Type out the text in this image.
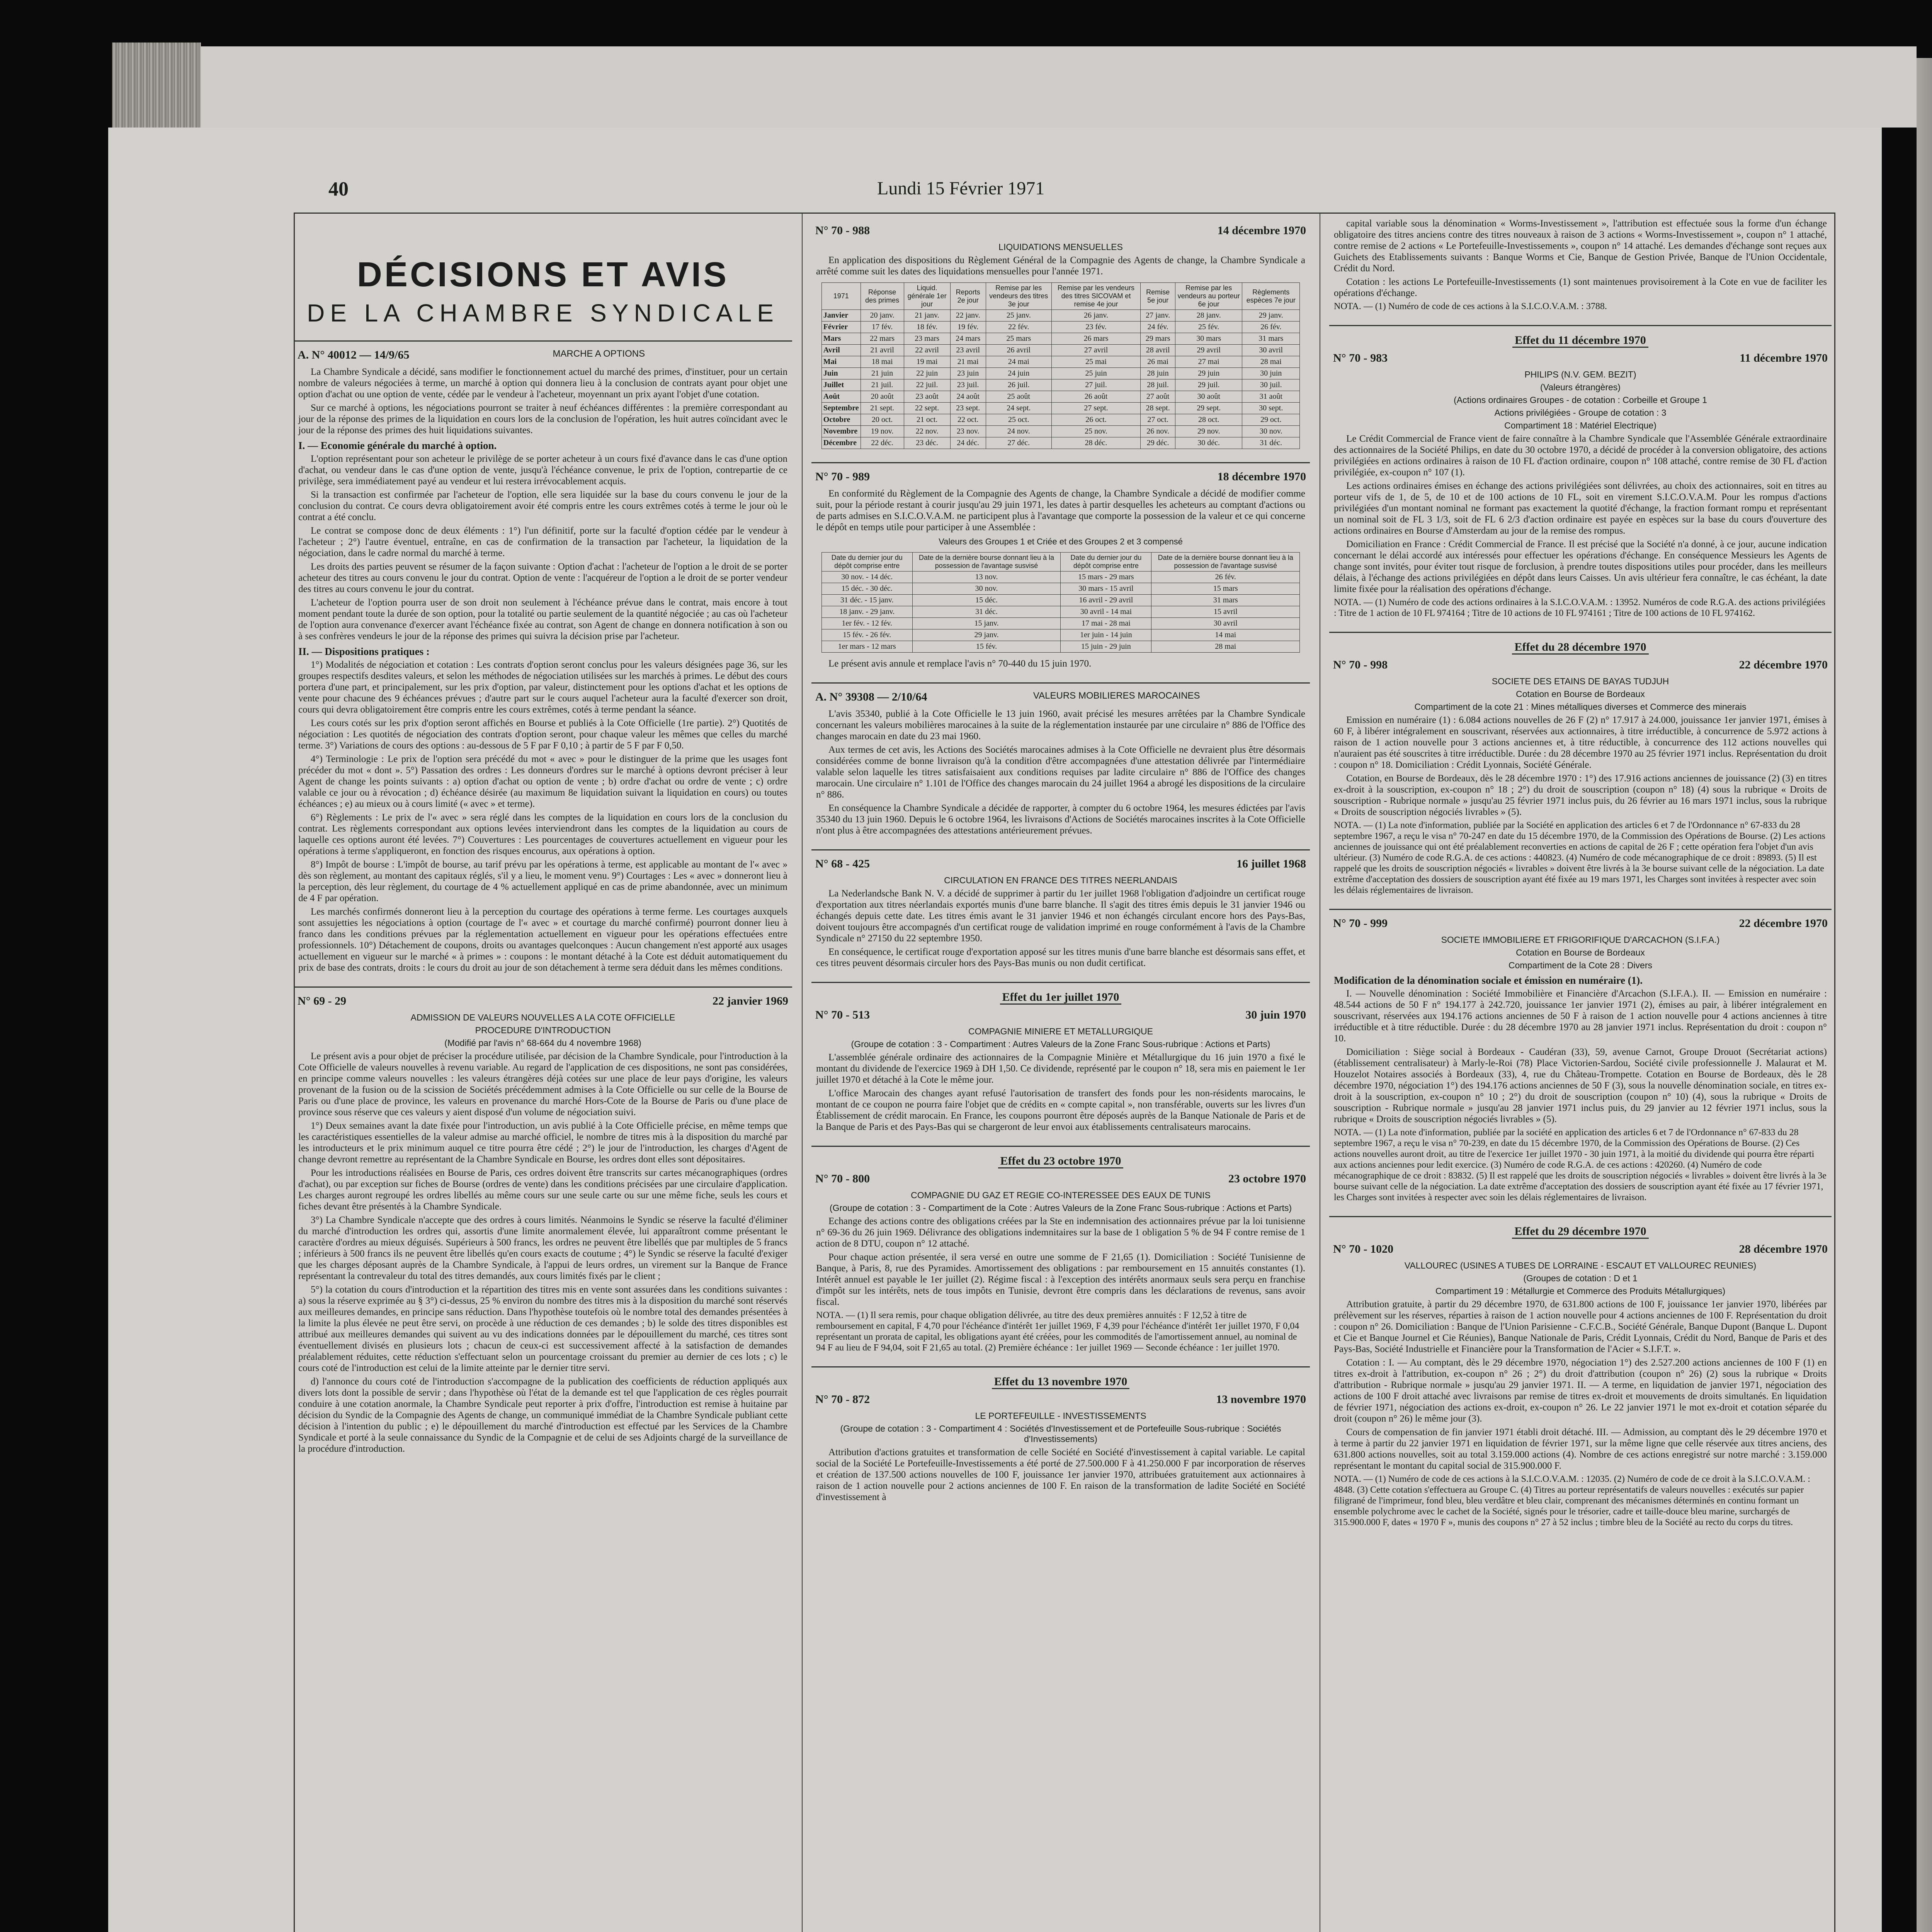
40	Lundi 15 Février 1971
DÉCISIONS ET AVIS
DE LA CHAMBRE SYNDICALE
A. N° 40012 — 14/9/65	MARCHE A OPTIONS
La Chambre Syndicale a décidé, sans modifier le fonctionnement actuel du marché des primes, d'instituer, pour un certain nombre de valeurs négociées à terme, un marché à option qui donnera lieu à la conclusion de contrats ayant pour objet une option d'achat ou une option de vente, cédée par le vendeur à l'acheteur, moyennant un prix ayant l'objet d'une cotation.
Sur ce marché à options, les négociations pourront se traiter à neuf échéances différentes : la première correspondant au jour de la réponse des primes de la liquidation en cours lors de la conclusion de l'opération, les huit autres coïncidant avec le jour de la réponse des primes des huit liquidations suivantes.
I. — Economie générale du marché à option.
L'option représentant pour son acheteur le privilège de se porter acheteur à un cours fixé d'avance dans le cas d'une option d'achat, ou vendeur dans le cas d'une option de vente, jusqu'à l'échéance convenue, le prix de l'option, contrepartie de ce privilège, sera immédiatement payé au vendeur et lui restera irrévocablement acquis.
Si la transaction est confirmée par l'acheteur de l'option, elle sera liquidée sur la base du cours convenu le jour de la conclusion du contrat. Ce cours devra obligatoirement avoir été compris entre les cours extrêmes cotés à terme le jour où le contrat a été conclu.
Le contrat se compose donc de deux éléments : 1°) l'un définitif, porte sur la faculté d'option cédée par le vendeur à l'acheteur ; 2°) l'autre éventuel, entraîne, en cas de confirmation de la transaction par l'acheteur, la liquidation de la négociation, dans le cadre normal du marché à terme.
Les droits des parties peuvent se résumer de la façon suivante : Option d'achat : l'acheteur de l'option a le droit de se porter acheteur des titres au cours convenu le jour du contrat. Option de vente : l'acquéreur de l'option a le droit de se porter vendeur des titres au cours convenu le jour du contrat.
L'acheteur de l'option pourra user de son droit non seulement à l'échéance prévue dans le contrat, mais encore à tout moment pendant toute la durée de son option, pour la totalité ou partie seulement de la quantité négociée ; au cas où l'acheteur de l'option aura convenance d'exercer avant l'échéance fixée au contrat, son Agent de change en donnera notification à son ou à ses confrères vendeurs le jour de la réponse des primes qui suivra la décision prise par l'acheteur.
II. — Dispositions pratiques :
1°) Modalités de négociation et cotation : Les contrats d'option seront conclus pour les valeurs désignées page 36, sur les groupes respectifs desdites valeurs, et selon les méthodes de négociation utilisées sur les marchés à primes. Le début des cours portera d'une part, et principalement, sur les prix d'option, par valeur, distinctement pour les options d'achat et les options de vente pour chacune des 9 échéances prévues ; d'autre part sur le cours auquel l'acheteur aura la faculté d'exercer son droit, cours qui devra obligatoirement être compris entre les cours extrêmes, cotés à terme pendant la séance.
Les cours cotés sur les prix d'option seront affichés en Bourse et publiés à la Cote Officielle (1re partie). 2°) Quotités de négociation : Les quotités de négociation des contrats d'option seront, pour chaque valeur les mêmes que celles du marché terme. 3°) Variations de cours des options : au-dessous de 5 F par F 0,10 ; à partir de 5 F par F 0,50.
4°) Terminologie : Le prix de l'option sera précédé du mot « avec » pour le distinguer de la prime que les usages font précéder du mot « dont ». 5°) Passation des ordres : Les donneurs d'ordres sur le marché à options devront préciser à leur Agent de change les points suivants : a) option d'achat ou option de vente ; b) ordre d'achat ou ordre de vente ; c) ordre valable ce jour ou à révocation ; d) échéance désirée (au maximum 8e liquidation suivant la liquidation en cours) ou toutes échéances ; e) au mieux ou à cours limité (« avec » et terme).
6°) Règlements : Le prix de l'« avec » sera réglé dans les comptes de la liquidation en cours lors de la conclusion du contrat. Les règlements correspondant aux options levées interviendront dans les comptes de la liquidation au cours de laquelle ces options auront été levées. 7°) Couvertures : Les pourcentages de couvertures actuellement en vigueur pour les opérations à terme s'appliqueront, en fonction des risques encourus, aux opérations à option.
8°) Impôt de bourse : L'impôt de bourse, au tarif prévu par les opérations à terme, est applicable au montant de l'« avec » dès son règlement, au montant des capitaux réglés, s'il y a lieu, le moment venu. 9°) Courtages : Les « avec » donneront lieu à la perception, dès leur règlement, du courtage de 4 % actuellement appliqué en cas de prime abandonnée, avec un minimum de 4 F par opération.
Les marchés confirmés donneront lieu à la perception du courtage des opérations à terme ferme. Les courtages auxquels sont assujetties les négociations à option (courtage de l'« avec » et courtage du marché confirmé) pourront donner lieu à franco dans les conditions prévues par la réglementation actuellement en vigueur pour les opérations effectuées entre professionnels. 10°) Détachement de coupons, droits ou avantages quelconques : Aucun changement n'est apporté aux usages actuellement en vigueur sur le marché « à primes » : coupons : le montant détaché à la Cote est déduit automatiquement du prix de base des contrats, droits : le cours du droit au jour de son détachement à terme sera déduit dans les mêmes conditions.
N° 69 - 29	22 janvier 1969
ADMISSION DE VALEURS NOUVELLES A LA COTE OFFICIELLE
PROCEDURE D'INTRODUCTION
(Modifié par l'avis n° 68-664 du 4 novembre 1968)
Le présent avis a pour objet de préciser la procédure utilisée, par décision de la Chambre Syndicale, pour l'introduction à la Cote Officielle de valeurs nouvelles à revenu variable. Au regard de l'application de ces dispositions, ne sont pas considérées, en principe comme valeurs nouvelles : les valeurs étrangères déjà cotées sur une place de leur pays d'origine, les valeurs provenant de la fusion ou de la scission de Sociétés précédemment admises à la Cote Officielle ou sur celle de la Bourse de Paris ou d'une place de province, les valeurs en provenance du marché Hors-Cote de la Bourse de Paris ou d'une place de province sous réserve que ces valeurs y aient disposé d'un volume de négociation suivi.
1°) Deux semaines avant la date fixée pour l'introduction, un avis publié à la Cote Officielle précise, en même temps que les caractéristiques essentielles de la valeur admise au marché officiel, le nombre de titres mis à la disposition du marché par les introducteurs et le prix minimum auquel ce titre pourra être cédé ; 2°) le jour de l'introduction, les charges d'Agent de change devront remettre au représentant de la Chambre Syndicale en Bourse, les ordres dont elles sont dépositaires.
Pour les introductions réalisées en Bourse de Paris, ces ordres doivent être transcrits sur cartes mécanographiques (ordres d'achat), ou par exception sur fiches de Bourse (ordres de vente) dans les conditions précisées par une circulaire d'application. Les charges auront regroupé les ordres libellés au même cours sur une seule carte ou sur une même fiche, seuls les cours et fiches devant être présentés à la Chambre Syndicale.
3°) La Chambre Syndicale n'accepte que des ordres à cours limités. Néanmoins le Syndic se réserve la faculté d'éliminer du marché d'introduction les ordres qui, assortis d'une limite anormalement élevée, lui apparaîtront comme présentant le caractère d'ordres au mieux déguisés. Supérieurs à 500 francs, les ordres ne peuvent être libellés que par multiples de 5 francs ; inférieurs à 500 francs ils ne peuvent être libellés qu'en cours exacts de coutume ; 4°) le Syndic se réserve la faculté d'exiger que les charges déposant auprès de la Chambre Syndicale, à l'appui de leurs ordres, un virement sur la Banque de France représentant la contrevaleur du total des titres demandés, aux cours limités fixés par le client ;
5°) la cotation du cours d'introduction et la répartition des titres mis en vente sont assurées dans les conditions suivantes : a) sous la réserve exprimée au § 3°) ci-dessus, 25 % environ du nombre des titres mis à la disposition du marché sont réservés aux meilleures demandes, en principe sans réduction. Dans l'hypothèse toutefois où le nombre total des demandes présentées à la limite la plus élevée ne peut être servi, on procède à une réduction de ces demandes ; b) le solde des titres disponibles est attribué aux meilleures demandes qui suivent au vu des indications données par le dépouillement du marché, ces titres sont éventuellement divisés en plusieurs lots ; chacun de ceux-ci est successivement affecté à la satisfaction de demandes préalablement réduites, cette réduction s'effectuant selon un pourcentage croissant du premier au dernier de ces lots ; c) le cours coté de l'introduction est celui de la limite atteinte par le dernier titre servi.
d) l'annonce du cours coté de l'introduction s'accompagne de la publication des coefficients de réduction appliqués aux divers lots dont la possible de servir ; dans l'hypothèse où l'état de la demande est tel que l'application de ces règles pourrait conduire à une cotation anormale, la Chambre Syndicale peut reporter à prix d'offre, l'introduction est remise à huitaine par décision du Syndic de la Compagnie des Agents de change, un communiqué immédiat de la Chambre Syndicale publiant cette décision à l'intention du public ; e) le dépouillement du marché d'introduction est effectué par les Services de la Chambre Syndicale et porté à la seule connaissance du Syndic de la Compagnie et de celui de ses Adjoints chargé de la surveillance de la procédure d'introduction.
N° 70 - 988	14 décembre 1970
LIQUIDATIONS MENSUELLES
En application des dispositions du Règlement Général de la Compagnie des Agents de change, la Chambre Syndicale a arrêté comme suit les dates des liquidations mensuelles pour l'année 1971.
1971	Réponse des primes	Liquid. générale 1er jour	Reports 2e jour	Remise par les vendeurs des titres 3e jour	Remise par les vendeurs des titres SICOVAM et remise 4e jour	Remise 5e jour	Remise par les vendeurs au porteur 6e jour	Règlements espèces 7e jour
Janvier	20 janv.	21 janv.	22 janv.	25 janv.	26 janv.	27 janv.	28 janv.	29 janv.
Février	17 fév.	18 fév.	19 fév.	22 fév.	23 fév.	24 fév.	25 fév.	26 fév.
Mars	22 mars	23 mars	24 mars	25 mars	26 mars	29 mars	30 mars	31 mars
Avril	21 avril	22 avril	23 avril	26 avril	27 avril	28 avril	29 avril	30 avril
Mai	18 mai	19 mai	21 mai	24 mai	25 mai	26 mai	27 mai	28 mai
Juin	21 juin	22 juin	23 juin	24 juin	25 juin	28 juin	29 juin	30 juin
Juillet	21 juil.	22 juil.	23 juil.	26 juil.	27 juil.	28 juil.	29 juil.	30 juil.
Août	20 août	23 août	24 août	25 août	26 août	27 août	30 août	31 août
Septembre	21 sept.	22 sept.	23 sept.	24 sept.	27 sept.	28 sept.	29 sept.	30 sept.
Octobre	20 oct.	21 oct.	22 oct.	25 oct.	26 oct.	27 oct.	28 oct.	29 oct.
Novembre	19 nov.	22 nov.	23 nov.	24 nov.	25 nov.	26 nov.	29 nov.	30 nov.
Décembre	22 déc.	23 déc.	24 déc.	27 déc.	28 déc.	29 déc.	30 déc.	31 déc.
N° 70 - 989	18 décembre 1970
En conformité du Règlement de la Compagnie des Agents de change, la Chambre Syndicale a décidé de modifier comme suit, pour la période restant à courir jusqu'au 29 juin 1971, les dates à partir desquelles les acheteurs au comptant d'actions ou de parts admises en S.I.C.O.V.A.M. ne participent plus à l'avantage que comporte la possession de la valeur et ce qui concerne le dépôt en temps utile pour participer à une Assemblée :
Valeurs des Groupes 1 et Criée et des Groupes 2 et 3 compensé
Date du dernier jour du dépôt comprise entre	Date de la dernière bourse donnant lieu à la possession de l'avantage susvisé	Date du dernier jour du dépôt comprise entre	Date de la dernière bourse donnant lieu à la possession de l'avantage susvisé
30 nov. - 14 déc.	13 nov.	15 mars - 29 mars	26 fév.
15 déc. - 30 déc.	30 nov.	30 mars - 15 avril	15 mars
31 déc. - 15 janv.	15 déc.	16 avril - 29 avril	31 mars
18 janv. - 29 janv.	31 déc.	30 avril - 14 mai	15 avril
1er fév. - 12 fév.	15 janv.	17 mai - 28 mai	30 avril
15 fév. - 26 fév.	29 janv.	1er juin - 14 juin	14 mai
1er mars - 12 mars	15 fév.	15 juin - 29 juin	28 mai
Le présent avis annule et remplace l'avis n° 70-440 du 15 juin 1970.
A. N° 39308 — 2/10/64	VALEURS MOBILIERES MAROCAINES
L'avis 35340, publié à la Cote Officielle le 13 juin 1960, avait précisé les mesures arrêtées par la Chambre Syndicale concernant les valeurs mobilières marocaines à la suite de la réglementation instaurée par une circulaire n° 886 de l'Office des changes marocain en date du 23 mai 1960.
Aux termes de cet avis, les Actions des Sociétés marocaines admises à la Cote Officielle ne devraient plus être désormais considérées comme de bonne livraison qu'à la condition d'être accompagnées d'une attestation délivrée par l'intermédiaire valable selon laquelle les titres satisfaisaient aux conditions requises par ladite circulaire n° 886 de l'Office des changes marocain. Une circulaire n° 1.101 de l'Office des changes marocain du 24 juillet 1964 a abrogé les dispositions de la circulaire n° 886.
En conséquence la Chambre Syndicale a décidée de rapporter, à compter du 6 octobre 1964, les mesures édictées par l'avis 35340 du 13 juin 1960. Depuis le 6 octobre 1964, les livraisons d'Actions de Sociétés marocaines inscrites à la Cote Officielle n'ont plus à être accompagnées des attestations antérieurement prévues.
N° 68 - 425	16 juillet 1968
CIRCULATION EN FRANCE DES TITRES NEERLANDAIS
La Nederlandsche Bank N. V. a décidé de supprimer à partir du 1er juillet 1968 l'obligation d'adjoindre un certificat rouge d'exportation aux titres néerlandais exportés munis d'une barre blanche. Il s'agit des titres émis depuis le 31 janvier 1946 ou échangés depuis cette date. Les titres émis avant le 31 janvier 1946 et non échangés circulant encore hors des Pays-Bas, doivent toujours être accompagnés d'un certificat rouge de validation imprimé en rouge conformément à l'avis de la Chambre Syndicale n° 27150 du 22 septembre 1950.
En conséquence, le certificat rouge d'exportation apposé sur les titres munis d'une barre blanche est désormais sans effet, et ces titres peuvent désormais circuler hors des Pays-Bas munis ou non dudit certificat.
Effet du 1er juillet 1970
N° 70 - 513	30 juin 1970
COMPAGNIE MINIERE ET METALLURGIQUE
(Groupe de cotation : 3 - Compartiment : Autres Valeurs de la Zone Franc Sous-rubrique : Actions et Parts)
L'assemblée générale ordinaire des actionnaires de la Compagnie Minière et Métallurgique du 16 juin 1970 a fixé le montant du dividende de l'exercice 1969 à DH 1,50. Ce dividende, représenté par le coupon n° 18, sera mis en paiement le 1er juillet 1970 et détaché à la Cote le même jour.
L'office Marocain des changes ayant refusé l'autorisation de transfert des fonds pour les non-résidents marocains, le montant de ce coupon ne pourra faire l'objet que de crédits en « compte capital », non transférable, ouverts sur les livres d'un Établissement de crédit marocain. En France, les coupons pourront être déposés auprès de la Banque Nationale de Paris et de la Banque de Paris et des Pays-Bas qui se chargeront de leur envoi aux établissements centralisateurs marocains.
Effet du 23 octobre 1970
N° 70 - 800	23 octobre 1970
COMPAGNIE DU GAZ ET REGIE CO-INTERESSEE DES EAUX DE TUNIS
(Groupe de cotation : 3 - Compartiment de la Cote : Autres Valeurs de la Zone Franc Sous-rubrique : Actions et Parts)
Echange des actions contre des obligations créées par la Ste en indemnisation des actionnaires prévue par la loi tunisienne n° 69-36 du 26 juin 1969. Délivrance des obligations indemnitaires sur la base de 1 obligation 5 % de 94 F contre remise de 1 action de 8 DTU, coupon n° 12 attaché.
Pour chaque action présentée, il sera versé en outre une somme de F 21,65 (1). Domiciliation : Société Tunisienne de Banque, à Paris, 8, rue des Pyramides. Amortissement des obligations : par remboursement en 15 annuités constantes (1). Intérêt annuel est payable le 1er juillet (2). Régime fiscal : à l'exception des intérêts anormaux seuls sera perçu en franchise d'impôt sur les intérêts, nets de tous impôts en Tunisie, devront être compris dans les déclarations de revenus, sans avoir fiscal.
NOTA. — (1) Il sera remis, pour chaque obligation délivrée, au titre des deux premières annuités : F 12,52 à titre de remboursement en capital, F 4,70 pour l'échéance d'intérêt 1er juillet 1969, F 4,39 pour l'échéance d'intérêt 1er juillet 1970, F 0,04 représentant un prorata de capital, les obligations ayant été créées, pour les commodités de l'amortissement annuel, au nominal de 94 F au lieu de F 94,04, soit F 21,65 au total. (2) Première échéance : 1er juillet 1969 — Seconde échéance : 1er juillet 1970.
Effet du 13 novembre 1970
N° 70 - 872	13 novembre 1970
LE PORTEFEUILLE - INVESTISSEMENTS
(Groupe de cotation : 3 - Compartiment 4 : Sociétés d'Investissement et de Portefeuille Sous-rubrique : Sociétés d'Investissements)
Attribution d'actions gratuites et transformation de celle Société en Société d'investissement à capital variable. Le capital social de la Société Le Portefeuille-Investissements a été porté de 27.500.000 F à 41.250.000 F par incorporation de réserves et création de 137.500 actions nouvelles de 100 F, jouissance 1er janvier 1970, attribuées gratuitement aux actionnaires à raison de 1 action nouvelle pour 2 actions anciennes de 100 F. En raison de la transformation de ladite Société en Société d'investissement à
capital variable sous la dénomination « Worms-Investissement », l'attribution est effectuée sous la forme d'un échange obligatoire des titres anciens contre des titres nouveaux à raison de 3 actions « Worms-Investissement », coupon n° 1 attaché, contre remise de 2 actions « Le Portefeuille-Investissements », coupon n° 14 attaché. Les demandes d'échange sont reçues aux Guichets des Etablissements suivants : Banque Worms et Cie, Banque de Gestion Privée, Banque de l'Union Occidentale, Crédit du Nord.
Cotation : les actions Le Portefeuille-Investissements (1) sont maintenues provisoirement à la Cote en vue de faciliter les opérations d'échange.
NOTA. — (1) Numéro de code de ces actions à la S.I.C.O.V.A.M. : 3788.
Effet du 11 décembre 1970
N° 70 - 983	11 décembre 1970
PHILIPS (N.V. GEM. BEZIT)
(Valeurs étrangères)
(Actions ordinaires Groupes - de cotation : Corbeille et Groupe 1
Actions privilégiées - Groupe de cotation : 3
Compartiment 18 : Matériel Electrique)
Le Crédit Commercial de France vient de faire connaître à la Chambre Syndicale que l'Assemblée Générale extraordinaire des actionnaires de la Société Philips, en date du 30 octobre 1970, a décidé de procéder à la conversion obligatoire, des actions privilégiées en actions ordinaires à raison de 10 FL d'action ordinaire, coupon n° 108 attaché, contre remise de 30 FL d'action privilégiée, ex-coupon n° 107 (1).
Les actions ordinaires émises en échange des actions privilégiées sont délivrées, au choix des actionnaires, soit en titres au porteur vifs de 1, de 5, de 10 et de 100 actions de 10 FL, soit en virement S.I.C.O.V.A.M. Pour les rompus d'actions privilégiées d'un montant nominal ne formant pas exactement la quotité d'échange, la fraction formant rompu et représentant un nominal soit de FL 3 1/3, soit de FL 6 2/3 d'action ordinaire est payée en espèces sur la base du cours d'ouverture des actions ordinaires en Bourse d'Amsterdam au jour de la remise des rompus.
Domiciliation en France : Crédit Commercial de France. Il est précisé que la Société n'a donné, à ce jour, aucune indication concernant le délai accordé aux intéressés pour effectuer les opérations d'échange. En conséquence Messieurs les Agents de change sont invités, pour éviter tout risque de forclusion, à prendre toutes dispositions utiles pour procéder, dans les meilleurs délais, à l'échange des actions privilégiées en dépôt dans leurs Caisses. Un avis ultérieur fera connaître, le cas échéant, la date limite fixée pour la réalisation des opérations d'échange.
NOTA. — (1) Numéro de code des actions ordinaires à la S.I.C.O.V.A.M. : 13952. Numéros de code R.G.A. des actions privilégiées : Titre de 1 action de 10 FL 974164 ; Titre de 10 actions de 10 FL 974161 ; Titre de 100 actions de 10 FL 974162.
Effet du 28 décembre 1970
N° 70 - 998	22 décembre 1970
SOCIETE DES ETAINS DE BAYAS TUDJUH
Cotation en Bourse de Bordeaux
Compartiment de la cote 21 : Mines métalliques diverses et Commerce des minerais
Emission en numéraire (1) : 6.084 actions nouvelles de 26 F (2) n° 17.917 à 24.000, jouissance 1er janvier 1971, émises à 60 F, à libérer intégralement en souscrivant, réservées aux actionnaires, à titre irréductible, à concurrence de 5.972 actions à raison de 1 action nouvelle pour 3 actions anciennes et, à titre réductible, à concurrence des 112 actions nouvelles qui n'auraient pas été souscrites à titre irréductible. Durée : du 28 décembre 1970 au 25 février 1971 inclus. Représentation du droit : coupon n° 18. Domiciliation : Crédit Lyonnais, Société Générale.
Cotation, en Bourse de Bordeaux, dès le 28 décembre 1970 : 1°) des 17.916 actions anciennes de jouissance (2) (3) en titres ex-droit à la souscription, ex-coupon n° 18 ; 2°) du droit de souscription (coupon n° 18) (4) sous la rubrique « Droits de souscription - Rubrique normale » jusqu'au 25 février 1971 inclus puis, du 26 février au 16 mars 1971 inclus, sous la rubrique « Droits de souscription négociés livrables » (5).
NOTA. — (1) La note d'information, publiée par la Société en application des articles 6 et 7 de l'Ordonnance n° 67-833 du 28 septembre 1967, a reçu le visa n° 70-247 en date du 15 décembre 1970, de la Commission des Opérations de Bourse. (2) Les actions anciennes de jouissance qui ont été préalablement reconverties en actions de capital de 26 F ; cette opération fera l'objet d'un avis ultérieur. (3) Numéro de code R.G.A. de ces actions : 440823. (4) Numéro de code mécanographique de ce droit : 89893. (5) Il est rappelé que les droits de souscription négociés « livrables » doivent être livrés à la 3e bourse suivant celle de la négociation. La date extrême d'acceptation des dossiers de souscription ayant été fixée au 19 mars 1971, les Charges sont invitées à respecter avec soin les délais réglementaires de livraison.
N° 70 - 999	22 décembre 1970
SOCIETE IMMOBILIERE ET FRIGORIFIQUE D'ARCACHON (S.I.F.A.)
Cotation en Bourse de Bordeaux
Compartiment de la Cote 28 : Divers
Modification de la dénomination sociale et émission en numéraire (1).
I. — Nouvelle dénomination : Société Immobilière et Financière d'Arcachon (S.I.F.A.). II. — Emission en numéraire : 48.544 actions de 50 F n° 194.177 à 242.720, jouissance 1er janvier 1971 (2), émises au pair, à libérer intégralement en souscrivant, réservées aux 194.176 actions anciennes de 50 F à raison de 1 action nouvelle pour 4 actions anciennes à titre irréductible et à titre réductible. Durée : du 28 décembre 1970 au 28 janvier 1971 inclus. Représentation du droit : coupon n° 10.
Domiciliation : Siège social à Bordeaux - Caudéran (33), 59, avenue Carnot, Groupe Drouot (Secrétariat actions) (établissement centralisateur) à Marly-le-Roi (78) Place Victorien-Sardou, Société civile professionnelle J. Malaurat et M. Houzelot Notaires associés à Bordeaux (33), 4, rue du Château-Trompette. Cotation en Bourse de Bordeaux, dès le 28 décembre 1970, négociation 1°) des 194.176 actions anciennes de 50 F (3), sous la nouvelle dénomination sociale, en titres ex-droit à la souscription, ex-coupon n° 10 ; 2°) du droit de souscription (coupon n° 10) (4), sous la rubrique « Droits de souscription - Rubrique normale » jusqu'au 28 janvier 1971 inclus puis, du 29 janvier au 12 février 1971 inclus, sous la rubrique « Droits de souscription négociés livrables » (5).
NOTA. — (1) La note d'information, publiée par la société en application des articles 6 et 7 de l'Ordonnance n° 67-833 du 28 septembre 1967, a reçu le visa n° 70-239, en date du 15 décembre 1970, de la Commission des Opérations de Bourse. (2) Ces actions nouvelles auront droit, au titre de l'exercice 1er juillet 1970 - 30 juin 1971, à la moitié du dividende qui pourra être réparti aux actions anciennes pour ledit exercice. (3) Numéro de code R.G.A. de ces actions : 420260. (4) Numéro de code mécanographique de ce droit : 83832. (5) Il est rappelé que les droits de souscription négociés « livrables » doivent être livrés à la 3e bourse suivant celle de la négociation. La date extrême d'acceptation des dossiers de souscription ayant été fixée au 17 février 1971, les Charges sont invitées à respecter avec soin les délais réglementaires de livraison.
Effet du 29 décembre 1970
N° 70 - 1020	28 décembre 1970
VALLOUREC (USINES A TUBES DE LORRAINE - ESCAUT ET VALLOUREC REUNIES)
(Groupes de cotation : D et 1
Compartiment 19 : Métallurgie et Commerce des Produits Métallurgiques)
Attribution gratuite, à partir du 29 décembre 1970, de 631.800 actions de 100 F, jouissance 1er janvier 1970, libérées par prélèvement sur les réserves, réparties à raison de 1 action nouvelle pour 4 actions anciennes de 100 F. Représentation du droit : coupon n° 26. Domiciliation : Banque de l'Union Parisienne - C.F.C.B., Société Générale, Banque Dupont (Banque L. Dupont et Cie et Banque Journel et Cie Réunies), Banque Nationale de Paris, Crédit Lyonnais, Crédit du Nord, Banque de Paris et des Pays-Bas, Société Industrielle et Financière pour la Transformation de l'Acier « S.I.F.T. ».
Cotation : I. — Au comptant, dès le 29 décembre 1970, négociation 1°) des 2.527.200 actions anciennes de 100 F (1) en titres ex-droit à l'attribution, ex-coupon n° 26 ; 2°) du droit d'attribution (coupon n° 26) (2) sous la rubrique « Droits d'attribution - Rubrique normale » jusqu'au 29 janvier 1971. II. — A terme, en liquidation de janvier 1971, négociation des actions de 100 F droit attaché avec livraisons par remise de titres ex-droit et mouvements de droits simultanés. En liquidation de février 1971, négociation des actions ex-droit, ex-coupon n° 26. Le 22 janvier 1971 le mot ex-droit et cotation séparée du droit (coupon n° 26) le même jour (3).
Cours de compensation de fin janvier 1971 établi droit détaché. III. — Admission, au comptant dès le 29 décembre 1970 et à terme à partir du 22 janvier 1971 en liquidation de février 1971, sur la même ligne que celle réservée aux titres anciens, des 631.800 actions nouvelles, soit au total 3.159.000 actions (4). Nombre de ces actions enregistré sur notre marché : 3.159.000 représentant le montant du capital social de 315.900.000 F.
NOTA. — (1) Numéro de code de ces actions à la S.I.C.O.V.A.M. : 12035. (2) Numéro de code de ce droit à la S.I.C.O.V.A.M. : 4848. (3) Cette cotation s'effectuera au Groupe C. (4) Titres au porteur représentatifs de valeurs nouvelles : exécutés sur papier filigrané de l'imprimeur, fond bleu, bleu verdâtre et bleu clair, comprenant des mécanismes déterminés en continu formant un ensemble polychrome avec le cachet de la Société, signés pour le trésorier, cadre et taille-douce bleu marine, surchargés de 315.900.000 F, dates « 1970 F », munis des coupons n° 27 à 52 inclus ; timbre bleu de la Société au recto du corps du titres.
